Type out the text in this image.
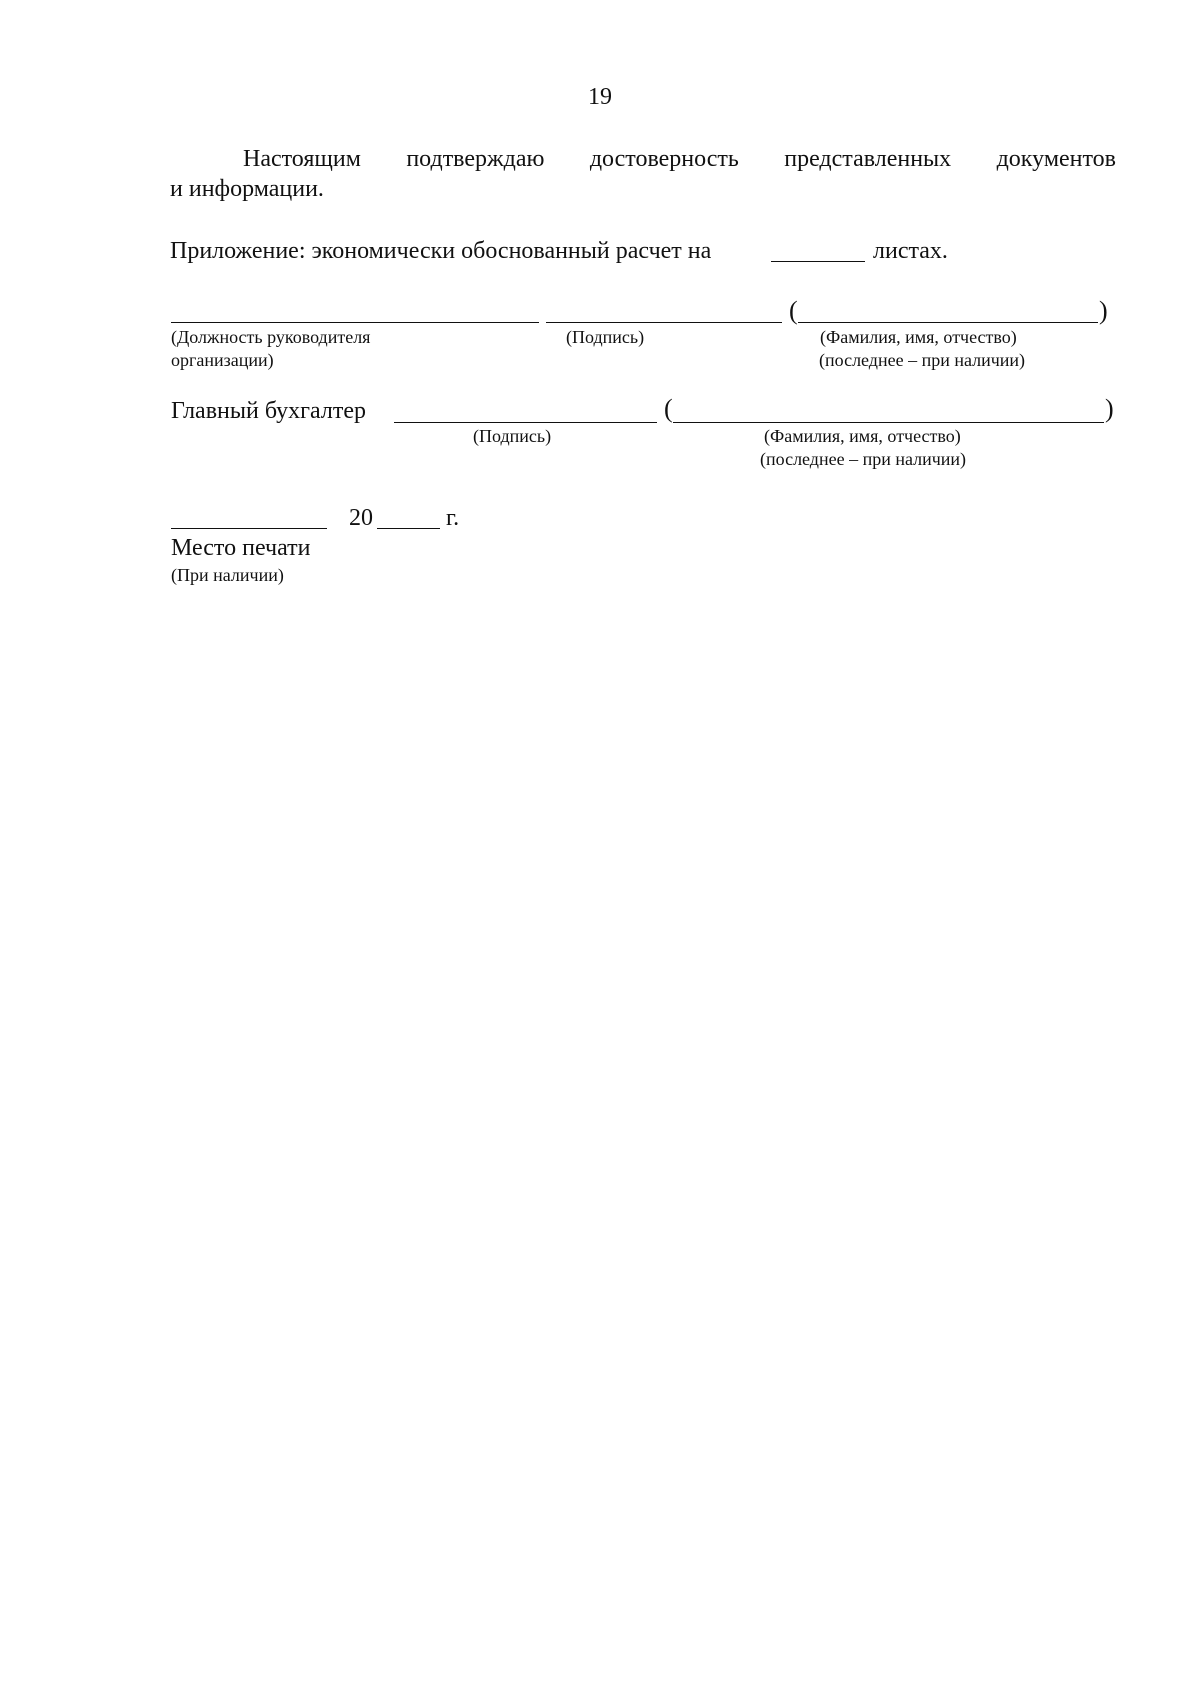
19
Настоящим подтверждаю достоверность представленных документов
и информации.
Приложение: экономически обоснованный расчет на	листах.
(	)
(Должность руководителя
организации)
(Подпись)	(Фамилия, имя, отчество)
(последнее – при наличии)
Главный бухгалтер	(	)
(Подпись)	(Фамилия, имя, отчество)
(последнее – при наличии)
20	г.
Место печати
(При наличии)
